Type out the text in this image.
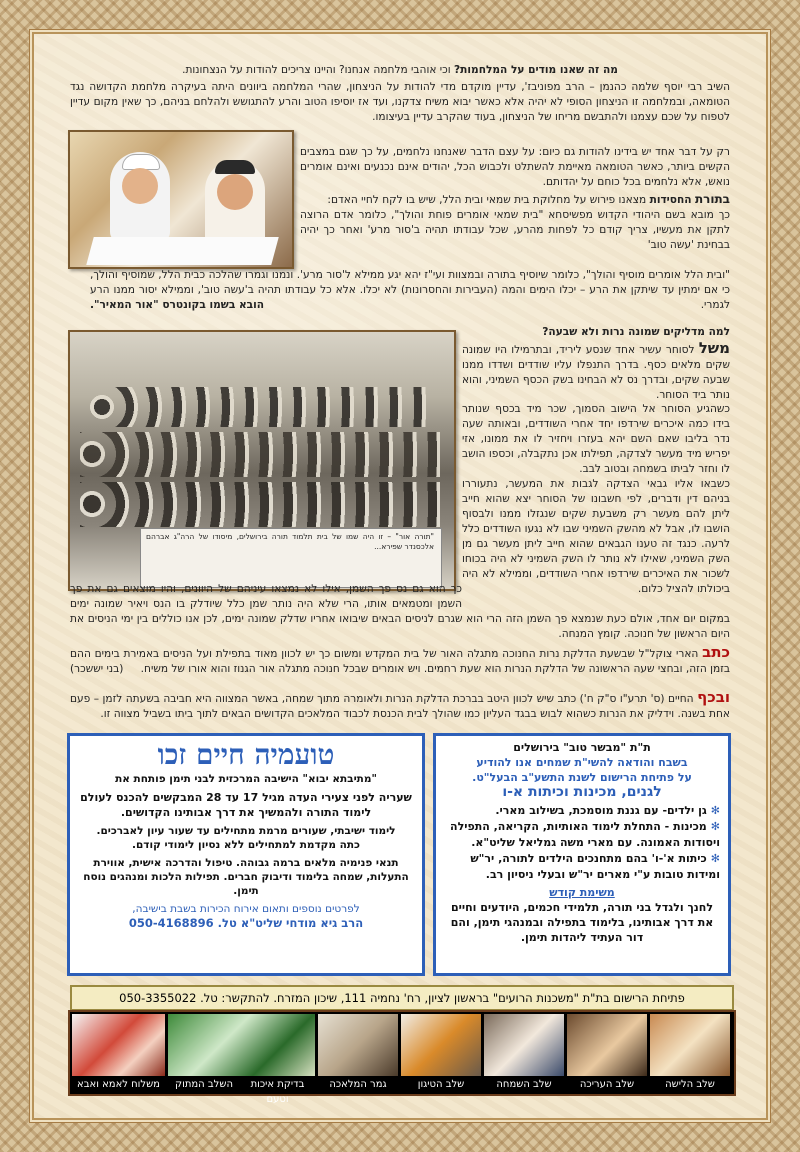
מה זה שאנו מודים על המלחמות? וכי אוהבי מלחמה אנחנו? והיינו צריכים להודות על הנצחונות.
השיב רבי יוסף שלמה כהנמן – הרב מפוניבז', עדיין מוקדם מדי להודות על הניצחון, שהרי המלחמה ביוונים היתה בעיקרה מלחמת הקדושה נגד הטומאה, ובמלחמה זו הניצחון הסופי לא יהיה אלא כאשר יבוא משיח צדקנו, ועד אז יוסיפו הטוב והרע להתגושש ולהלחם בניהם, כך שאין מקום עדיין לטפוח על שכם עצמנו ולהתבשם מריחו של הניצחון, בעוד שהקרב עדיין בעיצומו.
רק על דבר אחד יש בידינו להודות גם כיום: על עצם הדבר שאנחנו נלחמים, על כך שגם במצבים הקשים ביותר, כאשר הטומאה מאיימת להשתלט ולכבוש הכל, יהודים אינם נכנעים ואינם אומרים נואש, אלא נלחמים בכל כוחם על יהדותם.
בתורת החסידות מצאנו פירוש על מחלוקת בית שמאי ובית הלל, שיש בו לקח לחיי האדם:
כך מובא בשם היהודי הקדוש מפשיסחא "בית שמאי אומרים פוחת והולך", כלומר אדם הרוצה לתקן את מעשיו, צריך קודם כל לפחות מהרע, שכל עבודתו תהיה ב'סור מרע' ואחר כך יהיה בבחינת 'עשה טוב'
"ובית הלל אומרים מוסיף והולך", כלומר שיוסיף בתורה ובמצוות ועי"ז יהא יגע ממילא ל'סור מרע'. ונמנו וגמרו שהלכה כבית הלל, שמוסיף והולך, כי אם ימתין עד שיתקן את הרע – יכלו הימים והמה (העבירות והחסרונות) לא יכלו. אלא כל עבודתו תהיה ב'עשה טוב', וממילא יסור ממנו הרע לגמרי.
הובא בשמו בקונטרס "אור המאיר".
למה מדליקים שמונה נרות ולא שבעה?
"תורה אור" – זו היה שמו של בית תלמוד תורה בירושלים, מיסודו של הרה"ג אברהם אלכסנדר שפירא...
משל לסוחר עשיר אחד שנסע ליריד, ובתרמילו היו שמונה שקים מלאים כסף. בדרך התנפלו עליו שודדים ושדדו ממנו שבעה שקים, ובדרך נס לא הבחינו בשק הכסף השמיני, והוא נותר ביד הסוחר.
כשהגיע הסוחר אל הישוב הסמוך, שכר מיד בכסף שנותר בידו כמה איכרים שירדפו יחד אחרי השודדים, ובאותה שעה נדר בליבו שאם השם יהא בעזרו ויחזיר לו את ממונו, אזי יפריש מיד מעשר לצדקה, תפילתו אכן נתקבלה, וכספו הושב לו וחזר לביתו בשמחה ובטוב לבב.
כשבאו אליו גבאי הצדקה לגבות את המעשר, נתעוררו בניהם דין ודברים, לפי חשבונו של הסוחר יצא שהוא חייב ליתן להם מעשר רק משבעת שקים שנגזלו ממנו ולבסוף הושבו לו, אבל לא מהשק השמיני שבו לא נגעו השודדים כלל לרעה. כנגד זה טענו הגבאים שהוא חייב ליתן מעשר גם מן השק השמיני, שאילו לא נותר לו השק השמיני לא היה בכוחו לשכור את האיכרים שירדפו אחרי השודדים, וממילא לא היה ביכולתו להציל כלום.
כך הוא גם נס פך השמן, אילו לא נמצאו עיניהם של היוונים, והיו מוצאים גם את פך השמן ומטמאים אותו, הרי שלא היה נותר שמן כלל שיודלק בו הנס ויאיר שמונה ימים במקום יום אחד, אולם כעת שנמצא פך השמן הזה הרי הוא שגרם לניסים הבאים שיבואו אחריו שדלק שמונה ימים, לכן אנו כוללים בין ימי הניסים את היום הראשון של חנוכה. קומץ המנחה.
כתב הארי צוקל"ל שבשעת הדלקת נרות החנוכה מתגלה האור של בית המקדש ומשום כך יש לכוון מאוד בתפילת ועל הניסים באמירת בימים ההם בזמן הזה, ובחצי שעה הראשונה של הדלקת הנרות הוא שעת רחמים. ויש אומרים שבכל חנוכה מתגלה אור הגנוז והוא אורו של משיח.
(בני יששכר)
ובכף החיים (ס' תרע"ו ס"ק ח') כתב שיש לכוון היטב בברכת הדלקת הנרות ולאומרה מתוך שמחה, באשר המצווה היא חביבה בשעתה לזמן – פעם אחת בשנה. וידליק את הנרות כשהוא לבוש בבגד העליון כמו שהולך לבית הכנסת לכבוד המלאכים הקדושים הבאים לתוך ביתו בשביל מצווה זו.
ת"ת "מבשר טוב" בירושלים
בשבח והודאה להשי"ת שמחים אנו להודיע
על פתיחת הרישום לשנת התשע"ב הבעל"ט.
לגנים, מכינות וכיתות א-ו
✻גן ילדים- עם גננת מוסמכת, בשילוב מארי.
✻מכינות - התחלת לימוד האותיות, הקריאה, התפילה ויסודות האמונה. עם מארי משה גמליאל שליט"א.
✻כיתות א'-ו' בהם מתחנכים הילדים לתורה, יר"ש ומידות טובות ע"י מארים יר"ש ובעלי ניסיון רב.
משימת קודש
לחנך ולגדל בני תורה, תלמידי חכמים, היודעים וחיים את דרך אבותינו, בלימוד בתפילה ובמנהגי תימן, והם דור העתיד ליהדות תימן.
טועמיה חיים זכו
"מתיבתא יבוא" הישיבה המרכזית לבני תימן פותחת את
שעריה לפני צעירי העדה מגיל 17 עד 28 המבקשים להכנס לעולם לימוד התורה ולהמשיך את דרך אבותינו הקדושים.
לימוד ישיבתי, שעורים מרמת מתחילים עד שעור עיון לאברכים.
כתה מקדמת למתחילים ללא נסיון לימודי קודם.
תנאי פנימיה מלאים ברמה גבוהה. טיפול והדרכה אישית, אווירת התעלות, שמחה בלימוד ודיבוק חברים. תפילות הלכות ומנהגים נוסח תימן.
לפרטים נוספים ותאום אירוח הכירות בשבת בישיבה,
הרב גיא מודחי שליט"א טל. 050-4168896
פתיחת הרישום בת"ת "משכנות הרועים" בראשון לציון, רח' נחמיה 111, שיכון המזרח. להתקשר: טל. 050-3355022
שלב הלישה
שלב העריכה
שלב השמחה
שלב הטיגון
גמר המלאכה
בדיקת איכות וטעם
השלב המתוק
משלוח לאמא ואבא
